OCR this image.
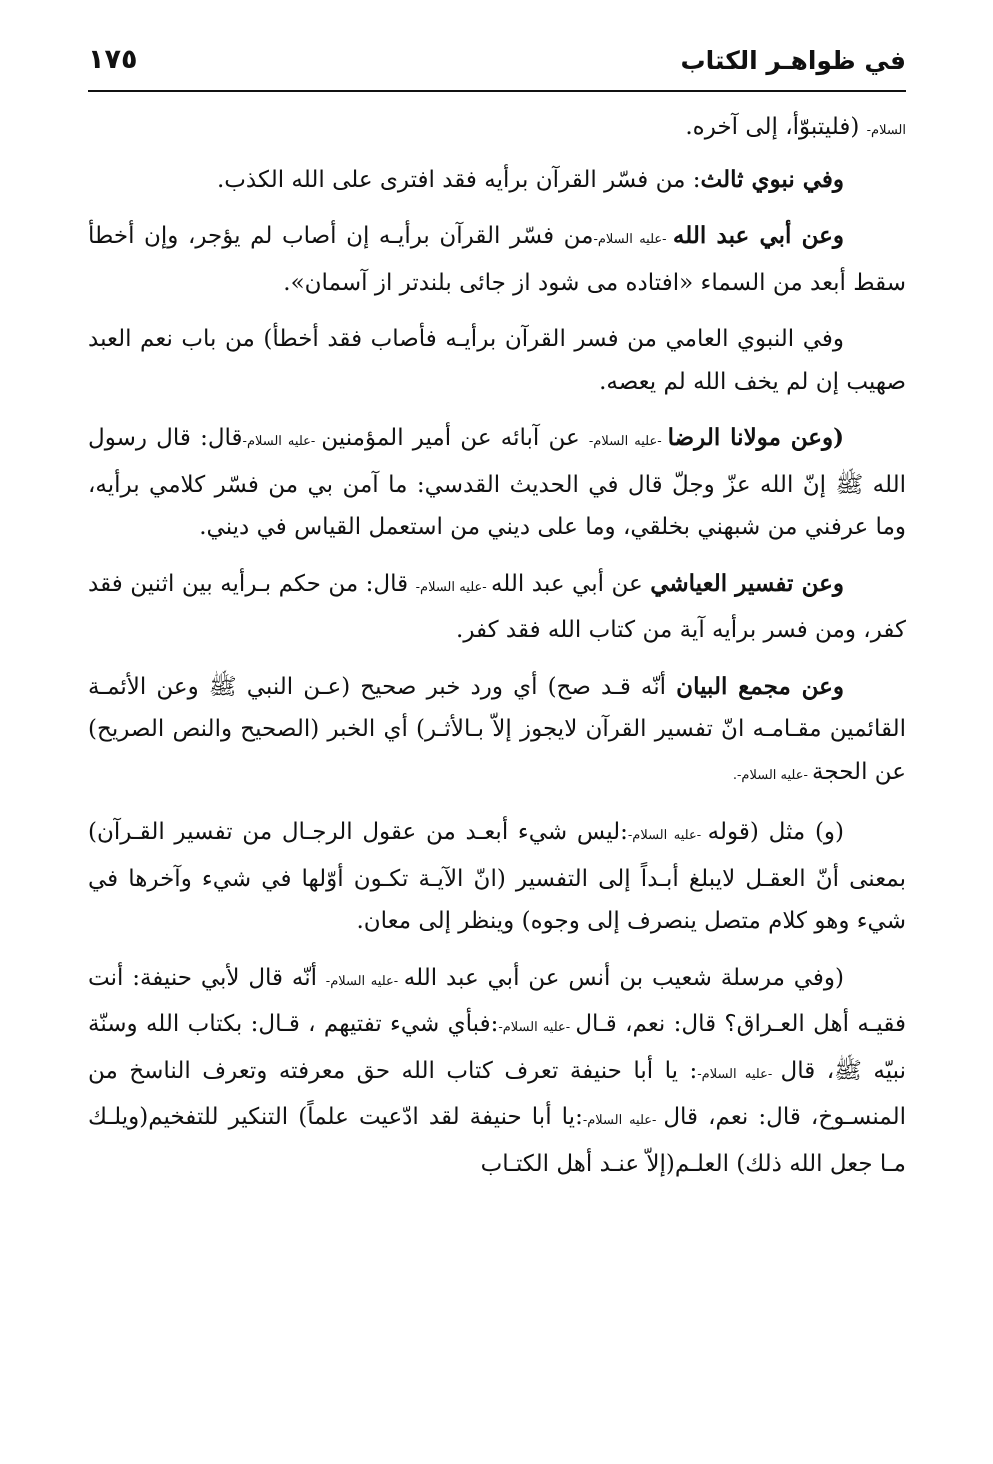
في ظواهـر الكتاب
١٧٥

السلام- (فليتبوّأ، إلى آخره.

وفي نبوي ثالث: من فسّر القرآن برأيه فقد افترى على الله الكذب.

وعن أبي عبد الله -عليه السلام-من فسّر القرآن برأيـه إن أصاب لم يؤجر، وإن أخطأ سقط أبعد من السماء «افتاده مى شود از جائى بلندتر از آسمان».

وفي النبوي العامي من فسر القرآن برأيـه فأصاب فقد أخطأ) من باب نعم العبد صهيب إن لم يخف الله لم يعصه.

(وعن مولانا الرضا -عليه السلام- عن آبائه عن أمير المؤمنين -عليه السلام-قال: قال رسول الله ﷺ إنّ الله عزّ وجلّ قال في الحديث القدسي: ما آمن بي من فسّر كلامي برأيه، وما عرفني من شبهني بخلقي، وما على ديني من استعمل القياس في ديني.

وعن تفسير العياشي عن أبي عبد الله -عليه السلام- قال: من حكم بـرأيه بين اثنين فقد كفر، ومن فسر برأيه آية من كتاب الله فقد كفر.

وعن مجمع البيان أنّه قـد صح) أي ورد خبر صحيح (عـن النبي ﷺ وعن الأئمـة القائمين مقـامـه انّ تفسير القرآن لايجوز إلاّ بـالأثـر) أي الخبر (الصحيح والنص الصريح) عن الحجة -عليه السلام-.

(و) مثل (قوله -عليه السلام-:ليس شيء أبعـد من عقول الرجـال من تفسير القـرآن) بمعنى أنّ العقـل لايبلغ أبـداً إلى التفسير (انّ الآيـة تكـون أوّلها في شيء وآخرها في شيء وهو كلام متصل ينصرف إلى وجوه) وينظر إلى معان.

(وفي مرسلة شعيب بن أنس عن أبي عبد الله -عليه السلام- أنّه قال لأبي حنيفة: أنت فقيـه أهل العـراق؟ قال: نعم، قـال -عليه السلام-:فبأي شيء تفتيهم ، قـال: بكتاب الله وسنّة نبيّه ﷺ، قال -عليه السلام-: يا أبا حنيفة تعرف كتاب الله حق معرفته وتعرف الناسخ من المنسـوخ، قال: نعم، قال -عليه السلام-:يا أبا حنيفة لقد ادّعيت علماً) التنكير للتفخيم(ويلـك مـا جعل الله ذلك) العلـم(إلاّ عنـد أهل الكتـاب
